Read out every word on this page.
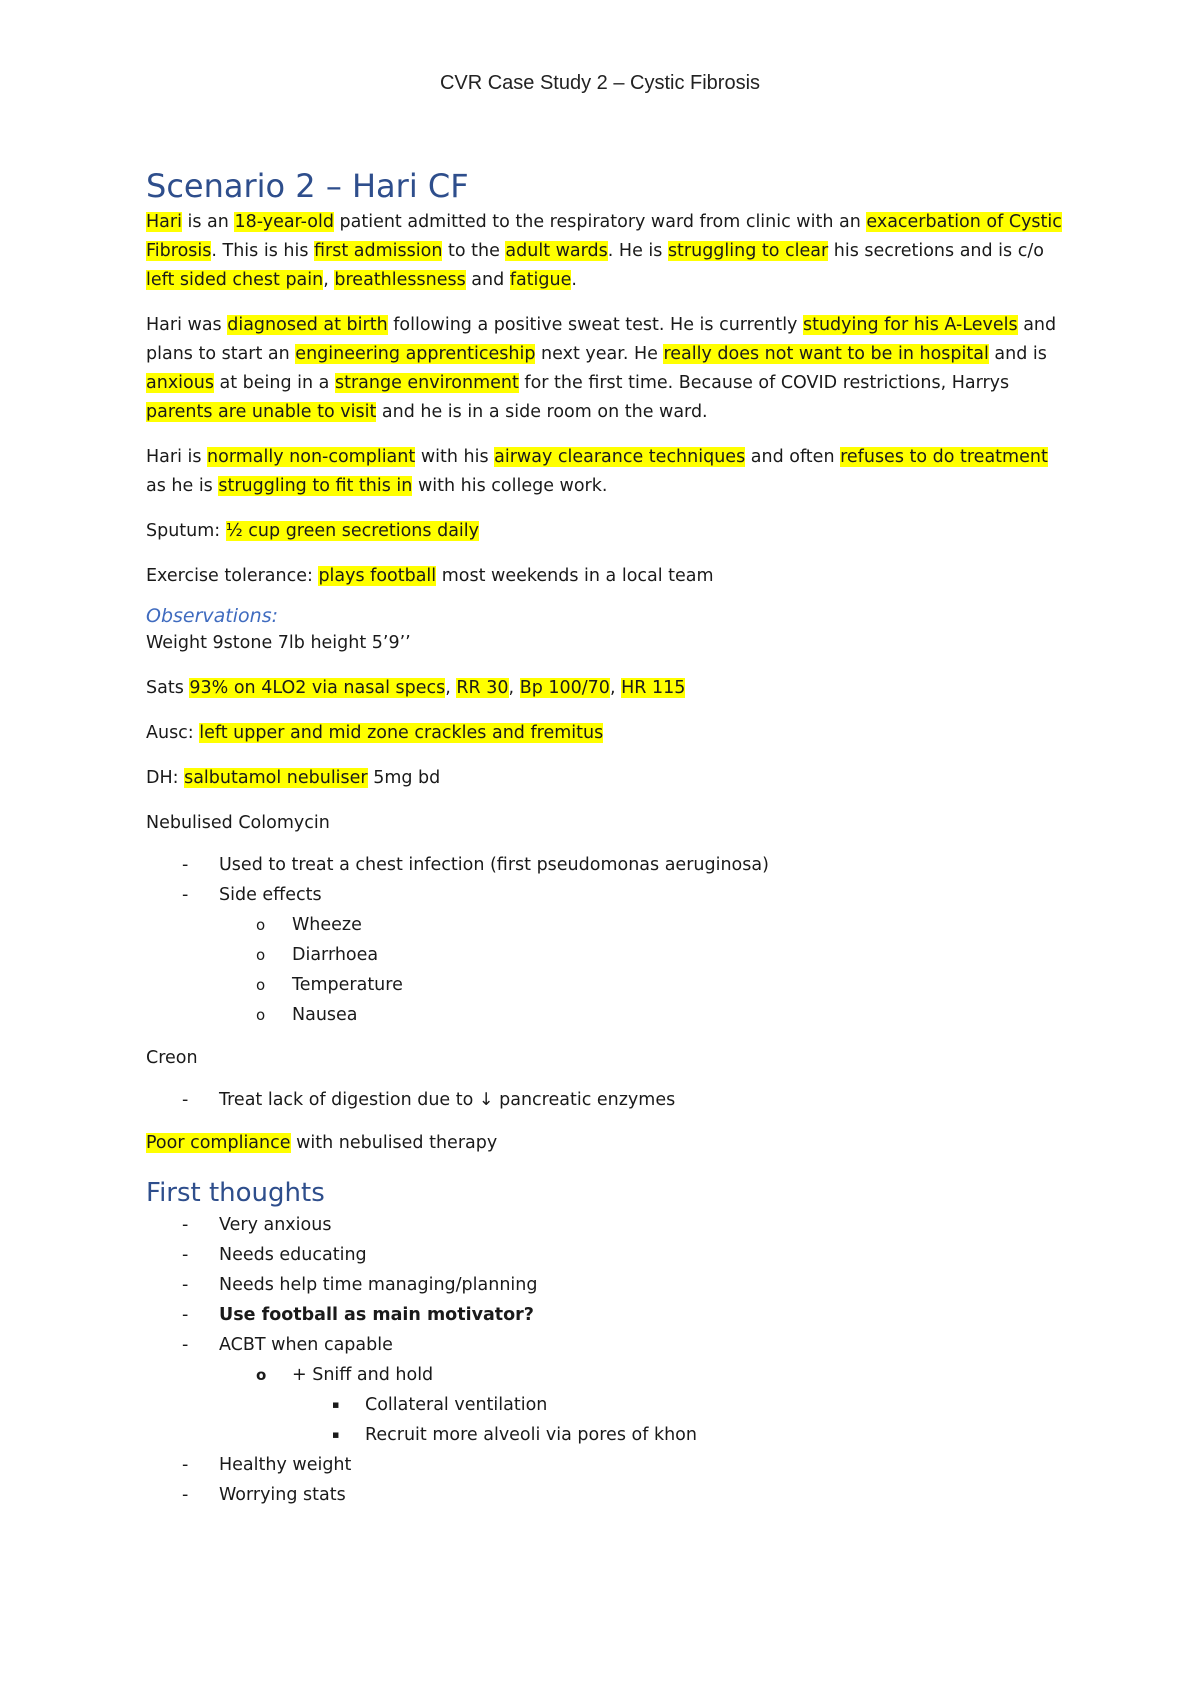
CVR Case Study 2 – Cystic Fibrosis
Scenario 2 – Hari CF

Hari is an 18-year-old patient admitted to the respiratory ward from clinic with an exacerbation of Cystic Fibrosis. This is his first admission to the adult wards. He is struggling to clear his secretions and is c/o left sided chest pain, breathlessness and fatigue.

Hari was diagnosed at birth following a positive sweat test. He is currently studying for his A-Levels and plans to start an engineering apprenticeship next year. He really does not want to be in hospital and is anxious at being in a strange environment for the first time. Because of COVID restrictions, Harrys parents are unable to visit and he is in a side room on the ward.

Hari is normally non-compliant with his airway clearance techniques and often refuses to do treatment as he is struggling to fit this in with his college work.

Sputum: ½ cup green secretions daily

Exercise tolerance: plays football most weekends in a local team

Observations:

Weight 9stone 7lb height 5’9’’

Sats 93% on 4LO2 via nasal specs, RR 30, Bp 100/70, HR 115

Ausc: left upper and mid zone crackles and fremitus

DH: salbutamol nebuliser 5mg bd

Nebulised Colomycin

- Used to treat a chest infection (first pseudomonas aeruginosa)
- Side effects
o Wheeze
o Diarrhoea
o Temperature
o Nausea

Creon

- Treat lack of digestion due to ↓ pancreatic enzymes

Poor compliance with nebulised therapy

First thoughts
- Very anxious
- Needs educating
- Needs help time managing/planning
- Use football as main motivator?
- ACBT when capable
o + Sniff and hold
▪ Collateral ventilation
▪ Recruit more alveoli via pores of khon
- Healthy weight
- Worrying stats
